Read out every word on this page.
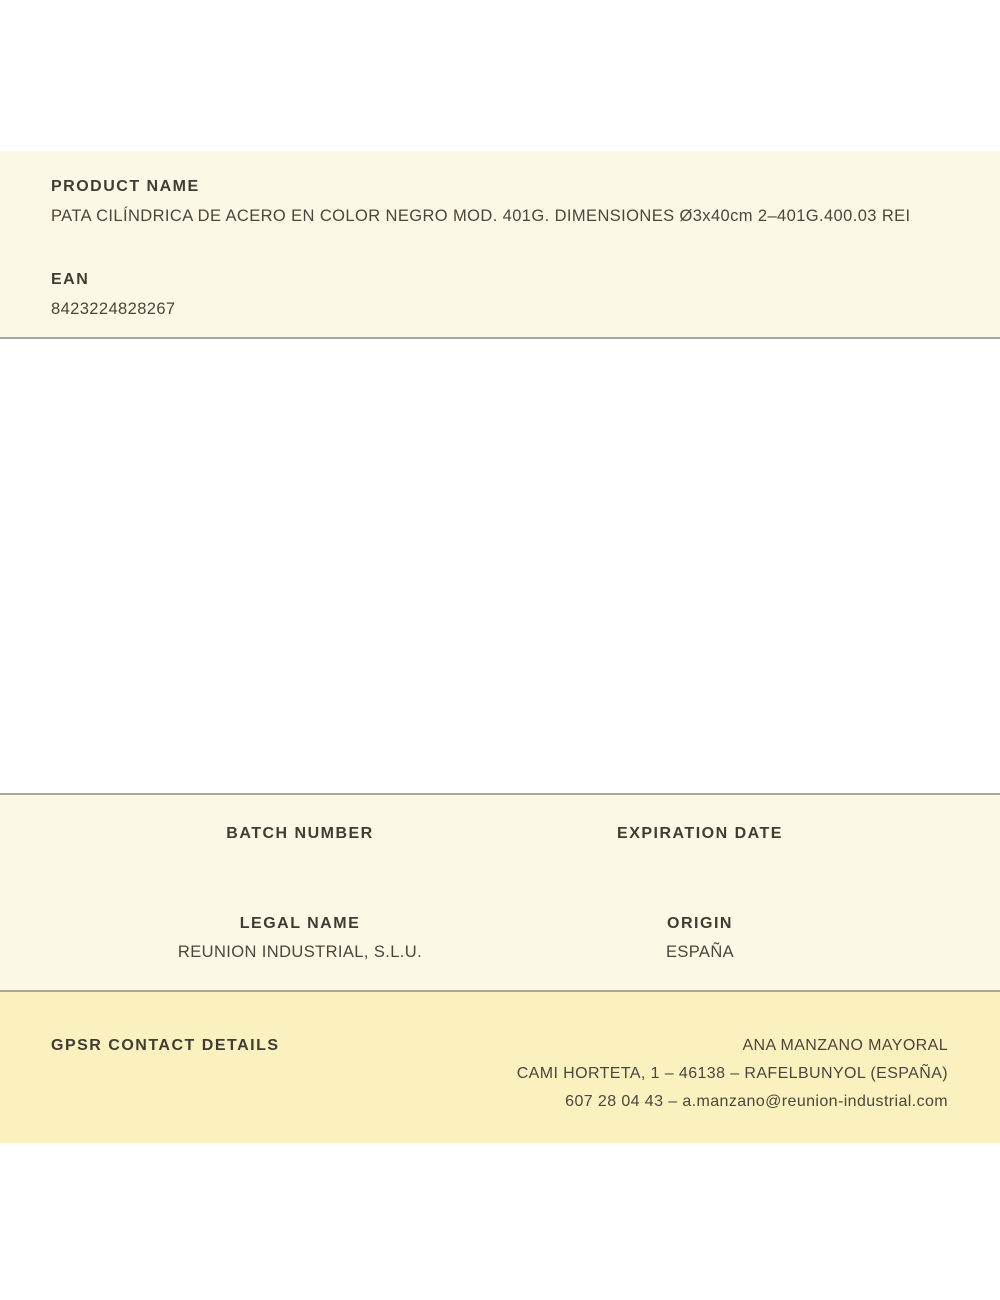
PRODUCT NAME
PATA CILÍNDRICA DE ACERO EN COLOR NEGRO MOD. 401G. DIMENSIONES Ø3x40cm 2–401G.400.03 REI
EAN
8423224828267
BATCH NUMBER	EXPIRATION DATE
LEGAL NAME
REUNION INDUSTRIAL, S.L.U.
ORIGIN
ESPAÑA
GPSR CONTACT DETAILS	ANA MANZANO MAYORAL
CAMI HORTETA, 1 – 46138 – RAFELBUNYOL (ESPAÑA)
607 28 04 43 – a.manzano@reunion-industrial.com
